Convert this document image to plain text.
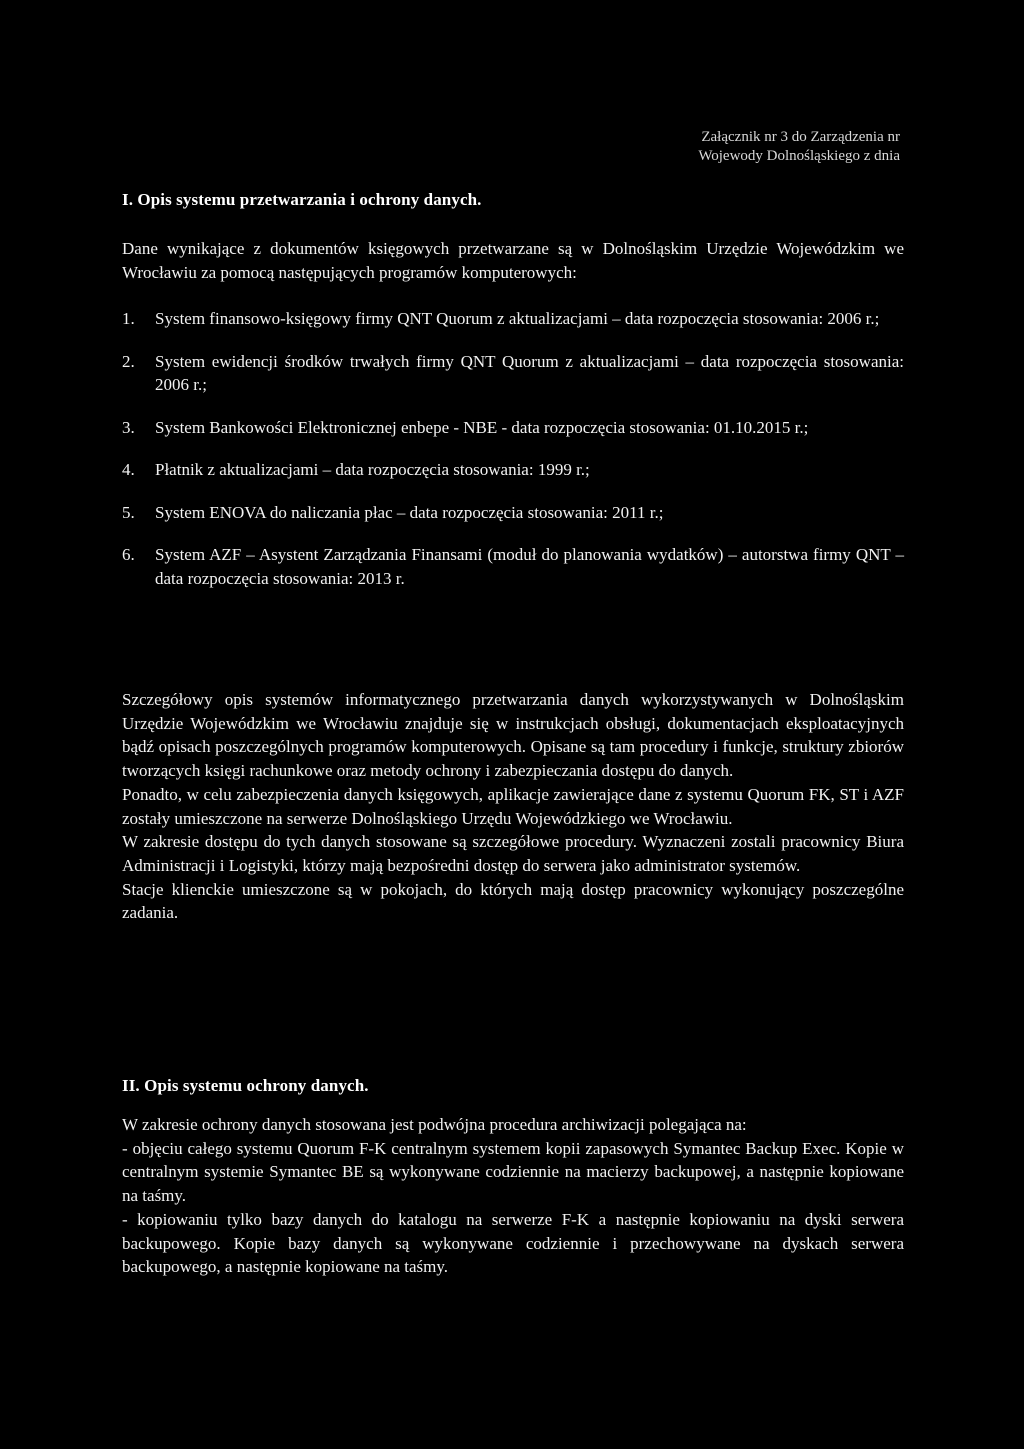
Załącznik nr 3 do Zarządzenia nr
Wojewody Dolnośląskiego z dnia
I. Opis systemu przetwarzania i ochrony danych.

Dane wynikające z dokumentów księgowych przetwarzane są w Dolnośląskim Urzędzie Wojewódzkim we Wrocławiu za pomocą następujących programów komputerowych:

1. System finansowo-księgowy firmy QNT Quorum z aktualizacjami – data rozpoczęcia stosowania: 2006 r.;
2. System ewidencji środków trwałych firmy QNT Quorum z aktualizacjami – data rozpoczęcia stosowania: 2006 r.;
3. System Bankowości Elektronicznej enbepe - NBE - data rozpoczęcia stosowania: 01.10.2015 r.;
4. Płatnik z aktualizacjami – data rozpoczęcia stosowania: 1999 r.;
5. System ENOVA do naliczania płac – data rozpoczęcia stosowania: 2011 r.;
6. System AZF – Asystent Zarządzania Finansami (moduł do planowania wydatków) – autorstwa firmy QNT – data rozpoczęcia stosowania: 2013 r.

Szczegółowy opis systemów informatycznego przetwarzania danych wykorzystywanych w Dolnośląskim Urzędzie Wojewódzkim we Wrocławiu znajduje się w instrukcjach obsługi, dokumentacjach eksploatacyjnych bądź opisach poszczególnych programów komputerowych. Opisane są tam procedury i funkcje, struktury zbiorów tworzących księgi rachunkowe oraz metody ochrony i zabezpieczania dostępu do danych.

Ponadto, w celu zabezpieczenia danych księgowych, aplikacje zawierające dane z systemu Quorum FK, ST i AZF zostały umieszczone na serwerze Dolnośląskiego Urzędu Wojewódzkiego we Wrocławiu.

W zakresie dostępu do tych danych stosowane są szczegółowe procedury. Wyznaczeni zostali pracownicy Biura Administracji i Logistyki, którzy mają bezpośredni dostęp do serwera jako administrator systemów.

Stacje klienckie umieszczone są w pokojach, do których mają dostęp pracownicy wykonujący poszczególne zadania.

II. Opis systemu ochrony danych.

W zakresie ochrony danych stosowana jest podwójna procedura archiwizacji polegająca na:

- objęciu całego systemu Quorum F-K centralnym systemem kopii zapasowych Symantec Backup Exec. Kopie w centralnym systemie Symantec BE są wykonywane codziennie na macierzy backupowej, a następnie kopiowane na taśmy.

- kopiowaniu tylko bazy danych do katalogu na serwerze F-K a następnie kopiowaniu na dyski serwera backupowego. Kopie bazy danych są wykonywane codziennie i przechowywane na dyskach serwera backupowego, a następnie kopiowane na taśmy.
